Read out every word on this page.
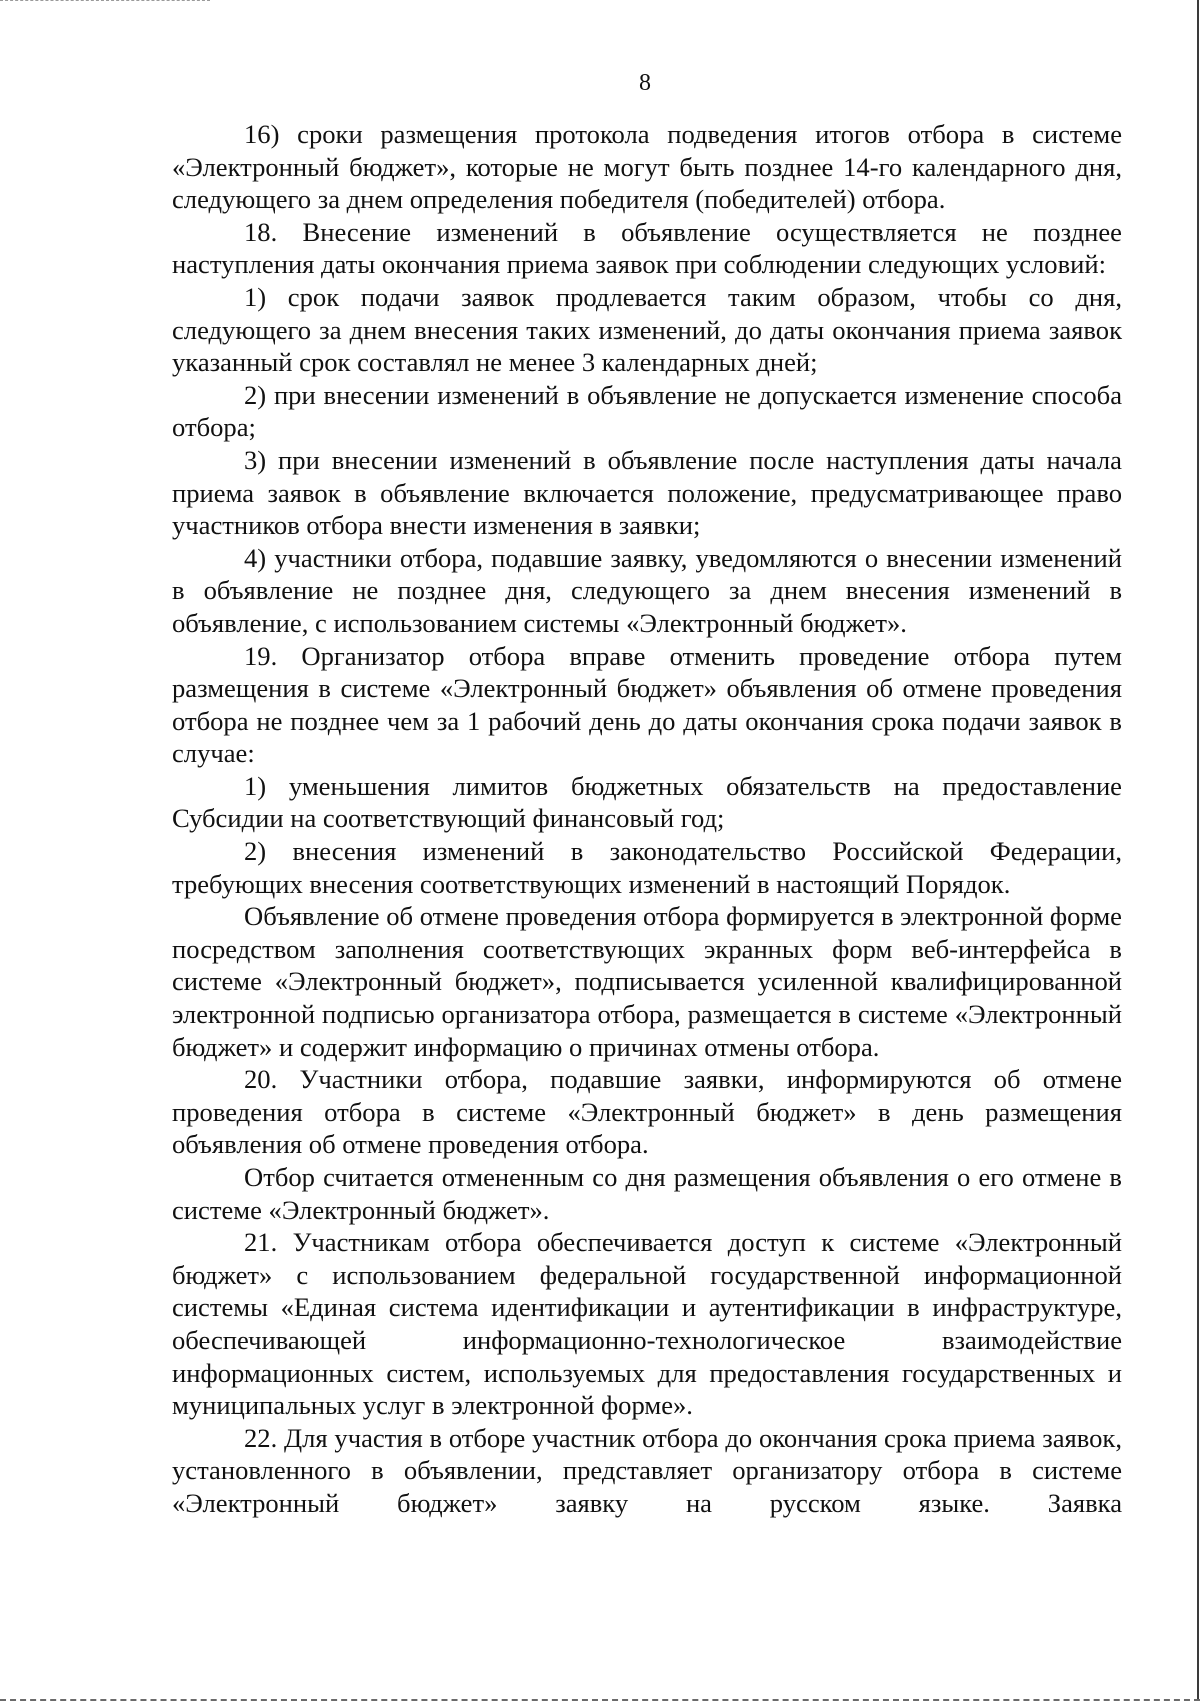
8

16) сроки размещения протокола подведения итогов отбора в системе «Электронный бюджет», которые не могут быть позднее 14-го календарного дня, следующего за днем определения победителя (победителей) отбора.

18. Внесение изменений в объявление осуществляется не позднее наступления даты окончания приема заявок при соблюдении следующих условий:

1) срок подачи заявок продлевается таким образом, чтобы со дня, следующего за днем внесения таких изменений, до даты окончания приема заявок указанный срок составлял не менее 3 календарных дней;

2) при внесении изменений в объявление не допускается изменение способа отбора;

3) при внесении изменений в объявление после наступления даты начала приема заявок в объявление включается положение, предусматривающее право участников отбора внести изменения в заявки;

4) участники отбора, подавшие заявку, уведомляются о внесении изменений в объявление не позднее дня, следующего за днем внесения изменений в объявление, с использованием системы «Электронный бюджет».

19. Организатор отбора вправе отменить проведение отбора путем размещения в системе «Электронный бюджет» объявления об отмене проведения отбора не позднее чем за 1 рабочий день до даты окончания срока подачи заявок в случае:

1) уменьшения лимитов бюджетных обязательств на предоставление Субсидии на соответствующий финансовый год;

2) внесения изменений в законодательство Российской Федерации, требующих внесения соответствующих изменений в настоящий Порядок.

Объявление об отмене проведения отбора формируется в электронной форме посредством заполнения соответствующих экранных форм веб-интерфейса в системе «Электронный бюджет», подписывается усиленной квалифицированной электронной подписью организатора отбора, размещается в системе «Электронный бюджет» и содержит информацию о причинах отмены отбора.

20. Участники отбора, подавшие заявки, информируются об отмене проведения отбора в системе «Электронный бюджет» в день размещения объявления об отмене проведения отбора.

Отбор считается отмененным со дня размещения объявления о его отмене в системе «Электронный бюджет».

21. Участникам отбора обеспечивается доступ к системе «Электронный бюджет» с использованием федеральной государственной информационной системы «Единая система идентификации и аутентификации в инфраструктуре, обеспечивающей информационно-технологическое взаимодействие информационных систем, используемых для предоставления государственных и муниципальных услуг в электронной форме».

22. Для участия в отборе участник отбора до окончания срока приема заявок, установленного в объявлении, представляет организатору отбора в системе «Электронный бюджет» заявку на русском языке. Заявка
